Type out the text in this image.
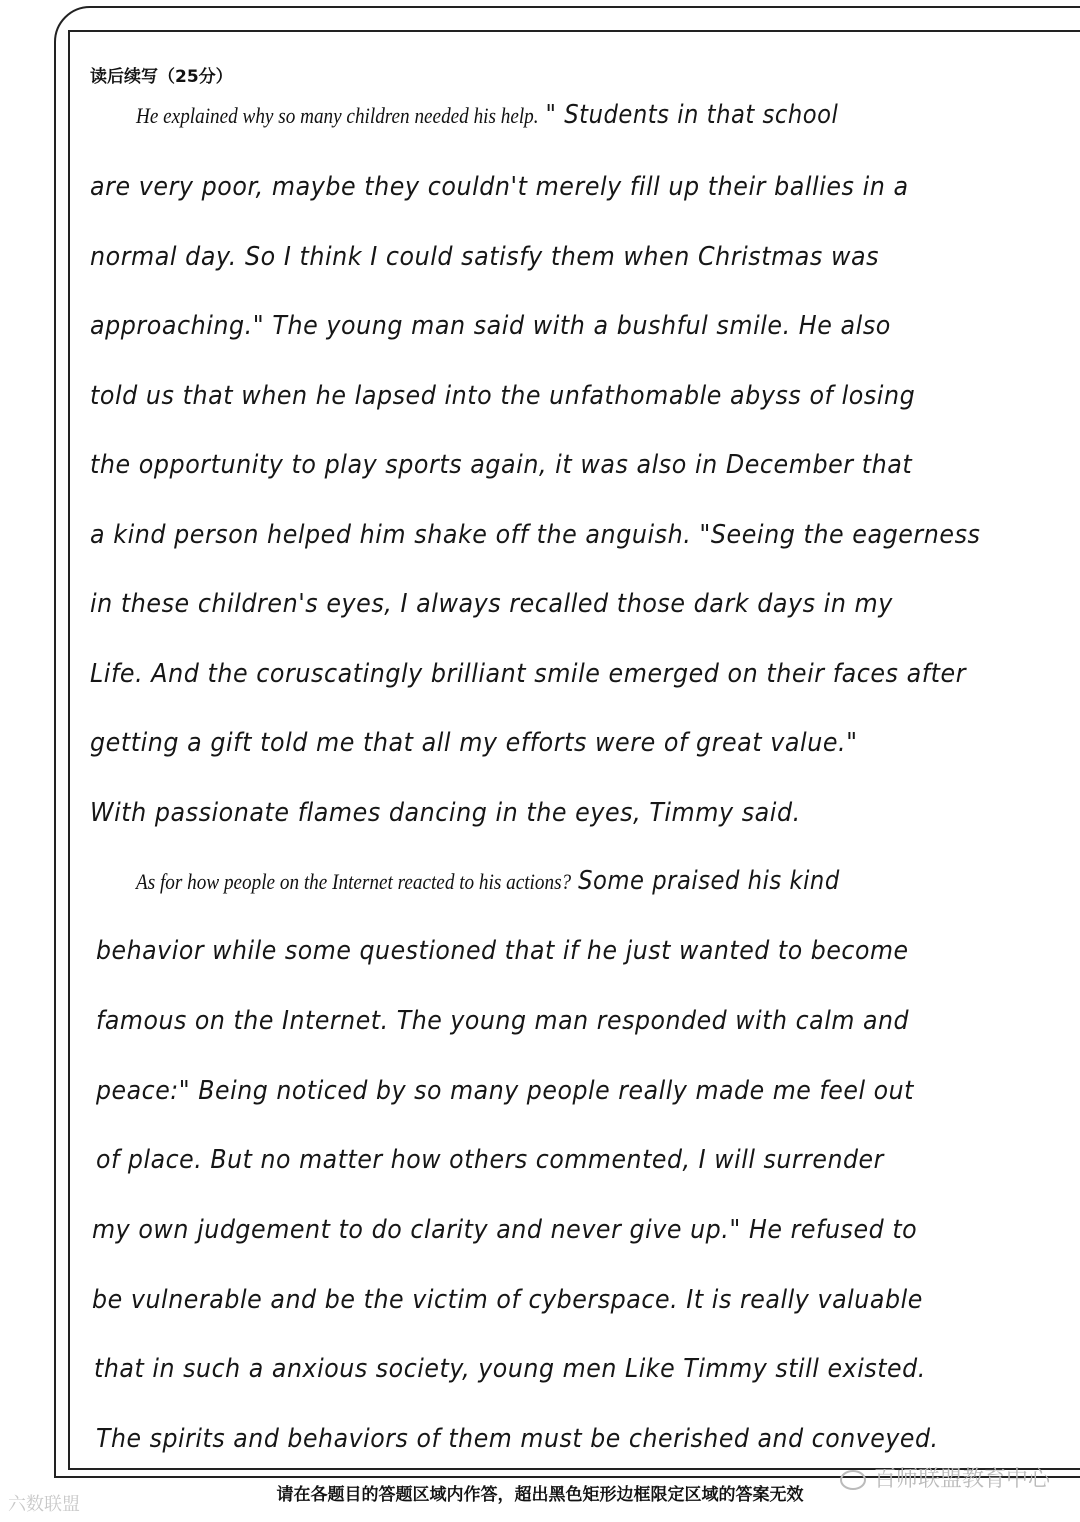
读后续写（25分）
He explained why so many children needed his help. " Students in that school
are very poor, maybe they couldn't merely fill up their ballies in a
normal day. So I think I could satisfy them when Christmas was
approaching." The young man said with a bushful smile. He also
told us that when he lapsed into the unfathomable abyss of losing
the opportunity to play sports again, it was also in December that
a kind person helped him shake off the anguish. "Seeing the eagerness
in these children's eyes, I always recalled those dark days in my
Life. And the coruscatingly brilliant smile emerged on their faces after
getting a gift told me that all my efforts were of great value."
With passionate flames dancing in the eyes, Timmy said.
As for how people on the Internet reacted to his actions? Some praised his kind
behavior while some questioned that if he just wanted to become
famous on the Internet. The young man responded with calm and
peace:" Being noticed by so many people really made me feel out
of place. But no matter how others commented, I will surrender
my own judgement to do clarity and never give up." He refused to
be vulnerable and be the victim of cyberspace. It is really valuable
that in such a anxious society, young men Like Timmy still existed.
The spirits and behaviors of them must be cherished and conveyed.
百师联盟教育中心
请在各题目的答题区域内作答，超出黑色矩形边框限定区域的答案无效
六数联盟
